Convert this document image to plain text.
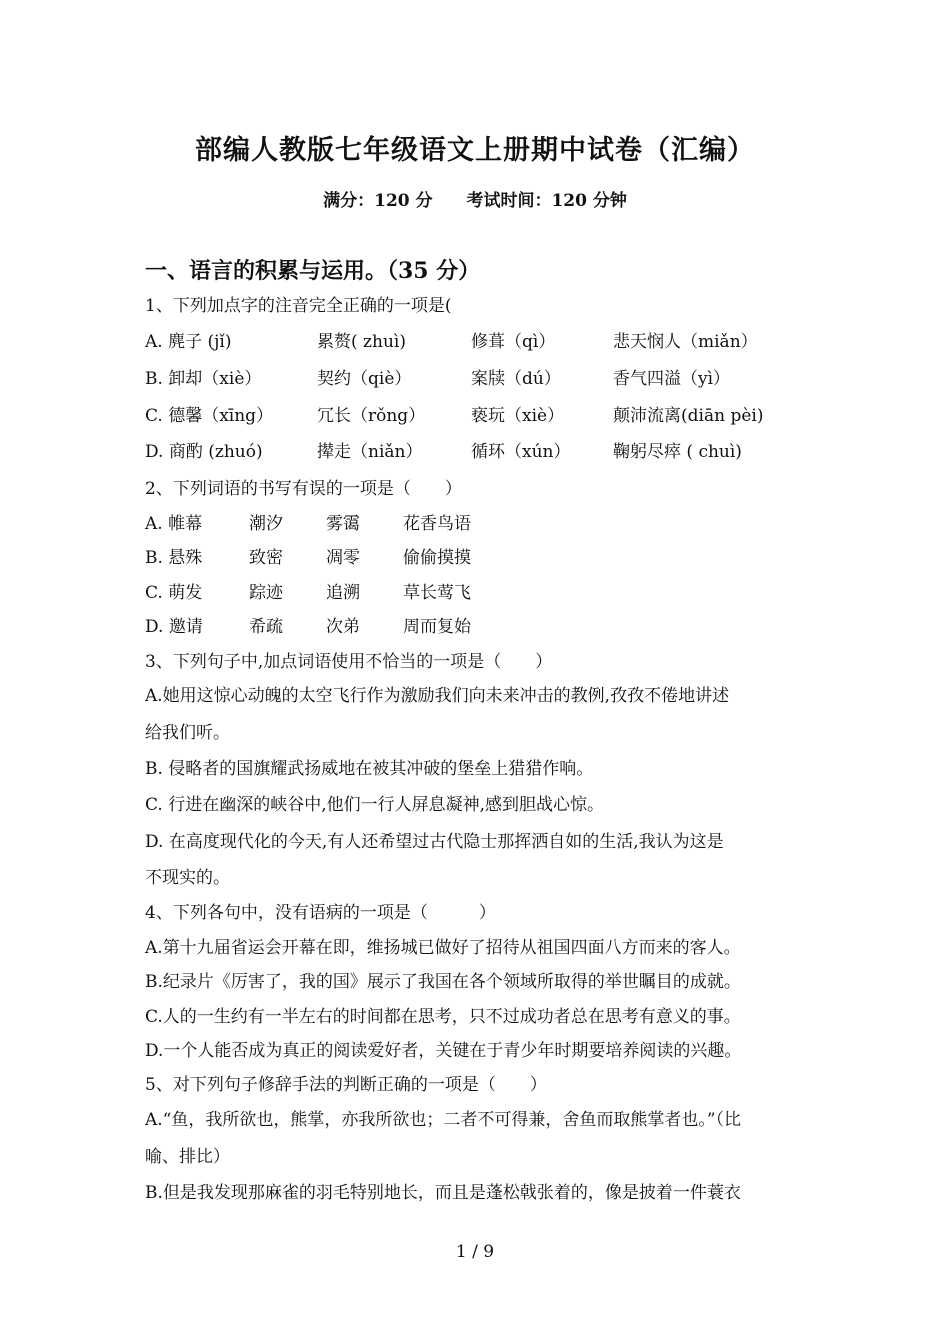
部编人教版七年级语文上册期中试卷（汇编）
满分：120 分 考试时间：120 分钟
一、语言的积累与运用。（35 分）
1、下列加点字的注音完全正确的一项是(
A. 麂子 (jǐ)	累赘( zhuì)	修葺（qì）	悲天悯人（miǎn）
B. 卸却（xiè）	契约（qiè）	案牍（dú）	香气四溢（yì）
C. 德馨（xīng）	冗长（rǒng）	亵玩（xiè）	颠沛流离(diān pèi)
D. 商酌 (zhuó)	撵走（niǎn）	循环（xún）	鞠躬尽瘁 ( chuì)
2、下列词语的书写有误的一项是（　　）
A. 帷幕	潮汐	雾霭	花香鸟语
B. 悬殊	致密	凋零	偷偷摸摸
C. 萌发	踪迹	追溯	草长莺飞
D. 邀请	希疏	次弟	周而复始
3、下列句子中,加点词语使用不恰当的一项是（　　）
A.她用这惊心动魄的太空飞行作为激励我们向未来冲击的教例,孜孜不倦地讲述
给我们听。
B. 侵略者的国旗耀武扬威地在被其冲破的堡垒上猎猎作响。
C. 行进在幽深的峡谷中,他们一行人屏息凝神,感到胆战心惊。
D. 在高度现代化的今天,有人还希望过古代隐士那挥洒自如的生活,我认为这是
不现实的。
4、下列各句中，没有语病的一项是（　　　）
A.第十九届省运会开幕在即，维扬城已做好了招待从祖国四面八方而来的客人。
B.纪录片《厉害了，我的国》展示了我国在各个领域所取得的举世瞩目的成就。
C.人的一生约有一半左右的时间都在思考，只不过成功者总在思考有意义的事。
D.一个人能否成为真正的阅读爱好者，关键在于青少年时期要培养阅读的兴趣。
5、对下列句子修辞手法的判断正确的一项是（　　）
A.“鱼，我所欲也，熊掌，亦我所欲也；二者不可得兼，舍鱼而取熊掌者也。”（比
喻、排比）
B.但是我发现那麻雀的羽毛特别地长，而且是蓬松戟张着的，像是披着一件蓑衣
1 / 9
